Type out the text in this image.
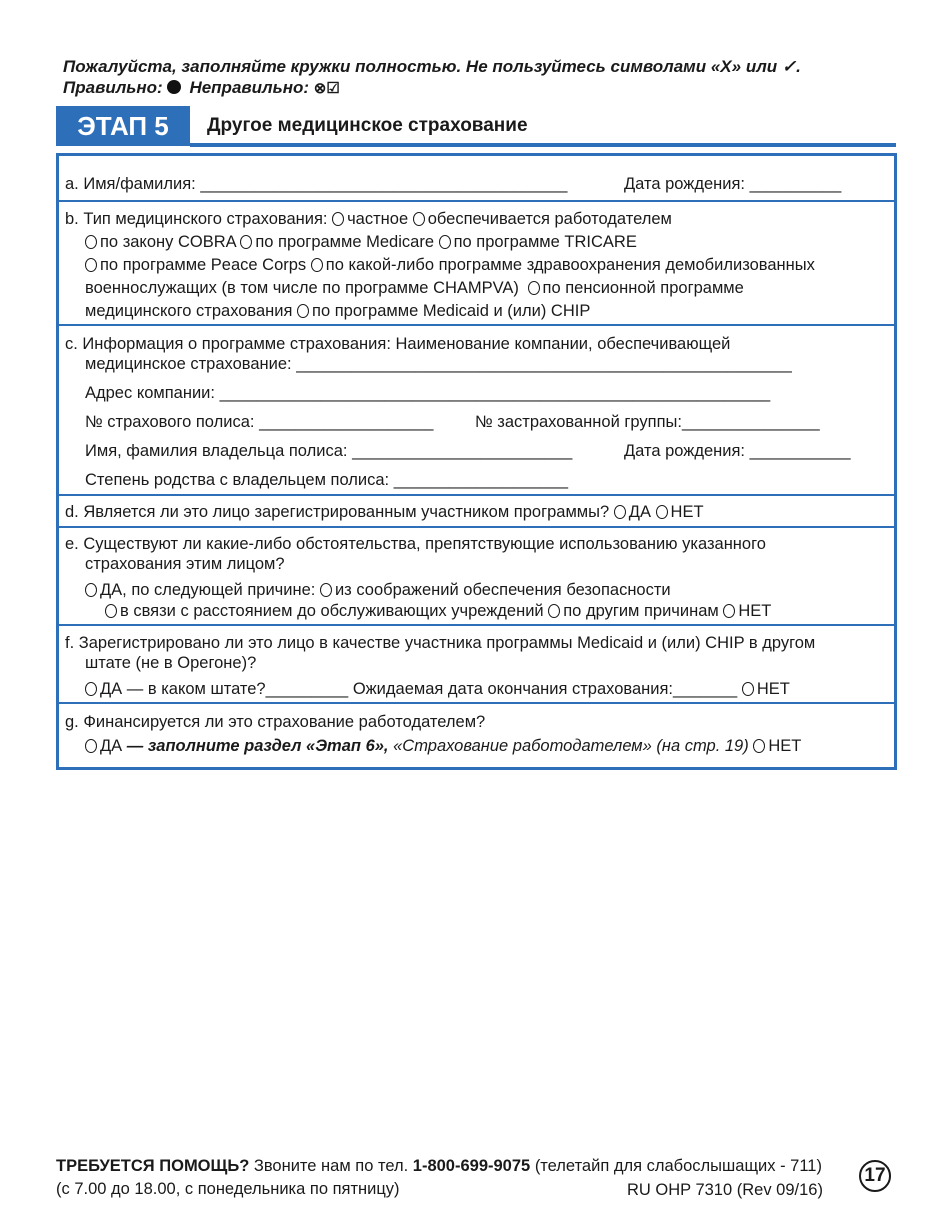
Пожалуйста, заполняйте кружки полностью. Не пользуйтесь символами «X» или ✓.
Правильно: Неправильно: ⊗☑
ЭТАП 5	Другое медицинское страхование
a. Имя/фамилия: ________________________________________	Дата рождения: __________
b. Тип медицинского страхования: частное обеспечивается работодателем
по закону COBRA по программе Medicare по программе TRICARE
по программе Peace Corps по какой-либо программе здравоохранения демобилизованных
военнослужащих (в том числе по программе CHAMPVA) по пенсионной программе
медицинского страхования по программе Medicaid и (или) CHIP
c. Информация о программе страхования: Наименование компании, обеспечивающей
медицинское страхование: ______________________________________________________
Адрес компании: ____________________________________________________________
№ страхового полиса: ___________________	№ застрахованной группы:_______________
Имя, фамилия владельца полиса: ________________________	Дата рождения: ___________
Степень родства с владельцем полиса: ___________________
d. Является ли это лицо зарегистрированным участником программы? ДА НЕТ
e. Существуют ли какие-либо обстоятельства, препятствующие использованию указанного
страхования этим лицом?
ДА, по следующей причине: из соображений обеспечения безопасности
в связи с расстоянием до обслуживающих учреждений по другим причинам НЕТ
f. Зарегистрировано ли это лицо в качестве участника программы Medicaid и (или) CHIP в другом
штате (не в Орегоне)?
ДА — в каком штате?_________ Ожидаемая дата окончания страхования:_______ НЕТ
g. Финансируется ли это страхование работодателем?
ДА — заполните раздел «Этап 6», «Страхование работодателем» (на стр. 19) НЕТ
ТРЕБУЕТСЯ ПОМОЩЬ? Звоните нам по тел. 1-800-699-9075 (телетайп для слабослышащих - 711)
(с 7.00 до 18.00, с понедельника по пятницу)	RU OHP 7310 (Rev 09/16)
17
